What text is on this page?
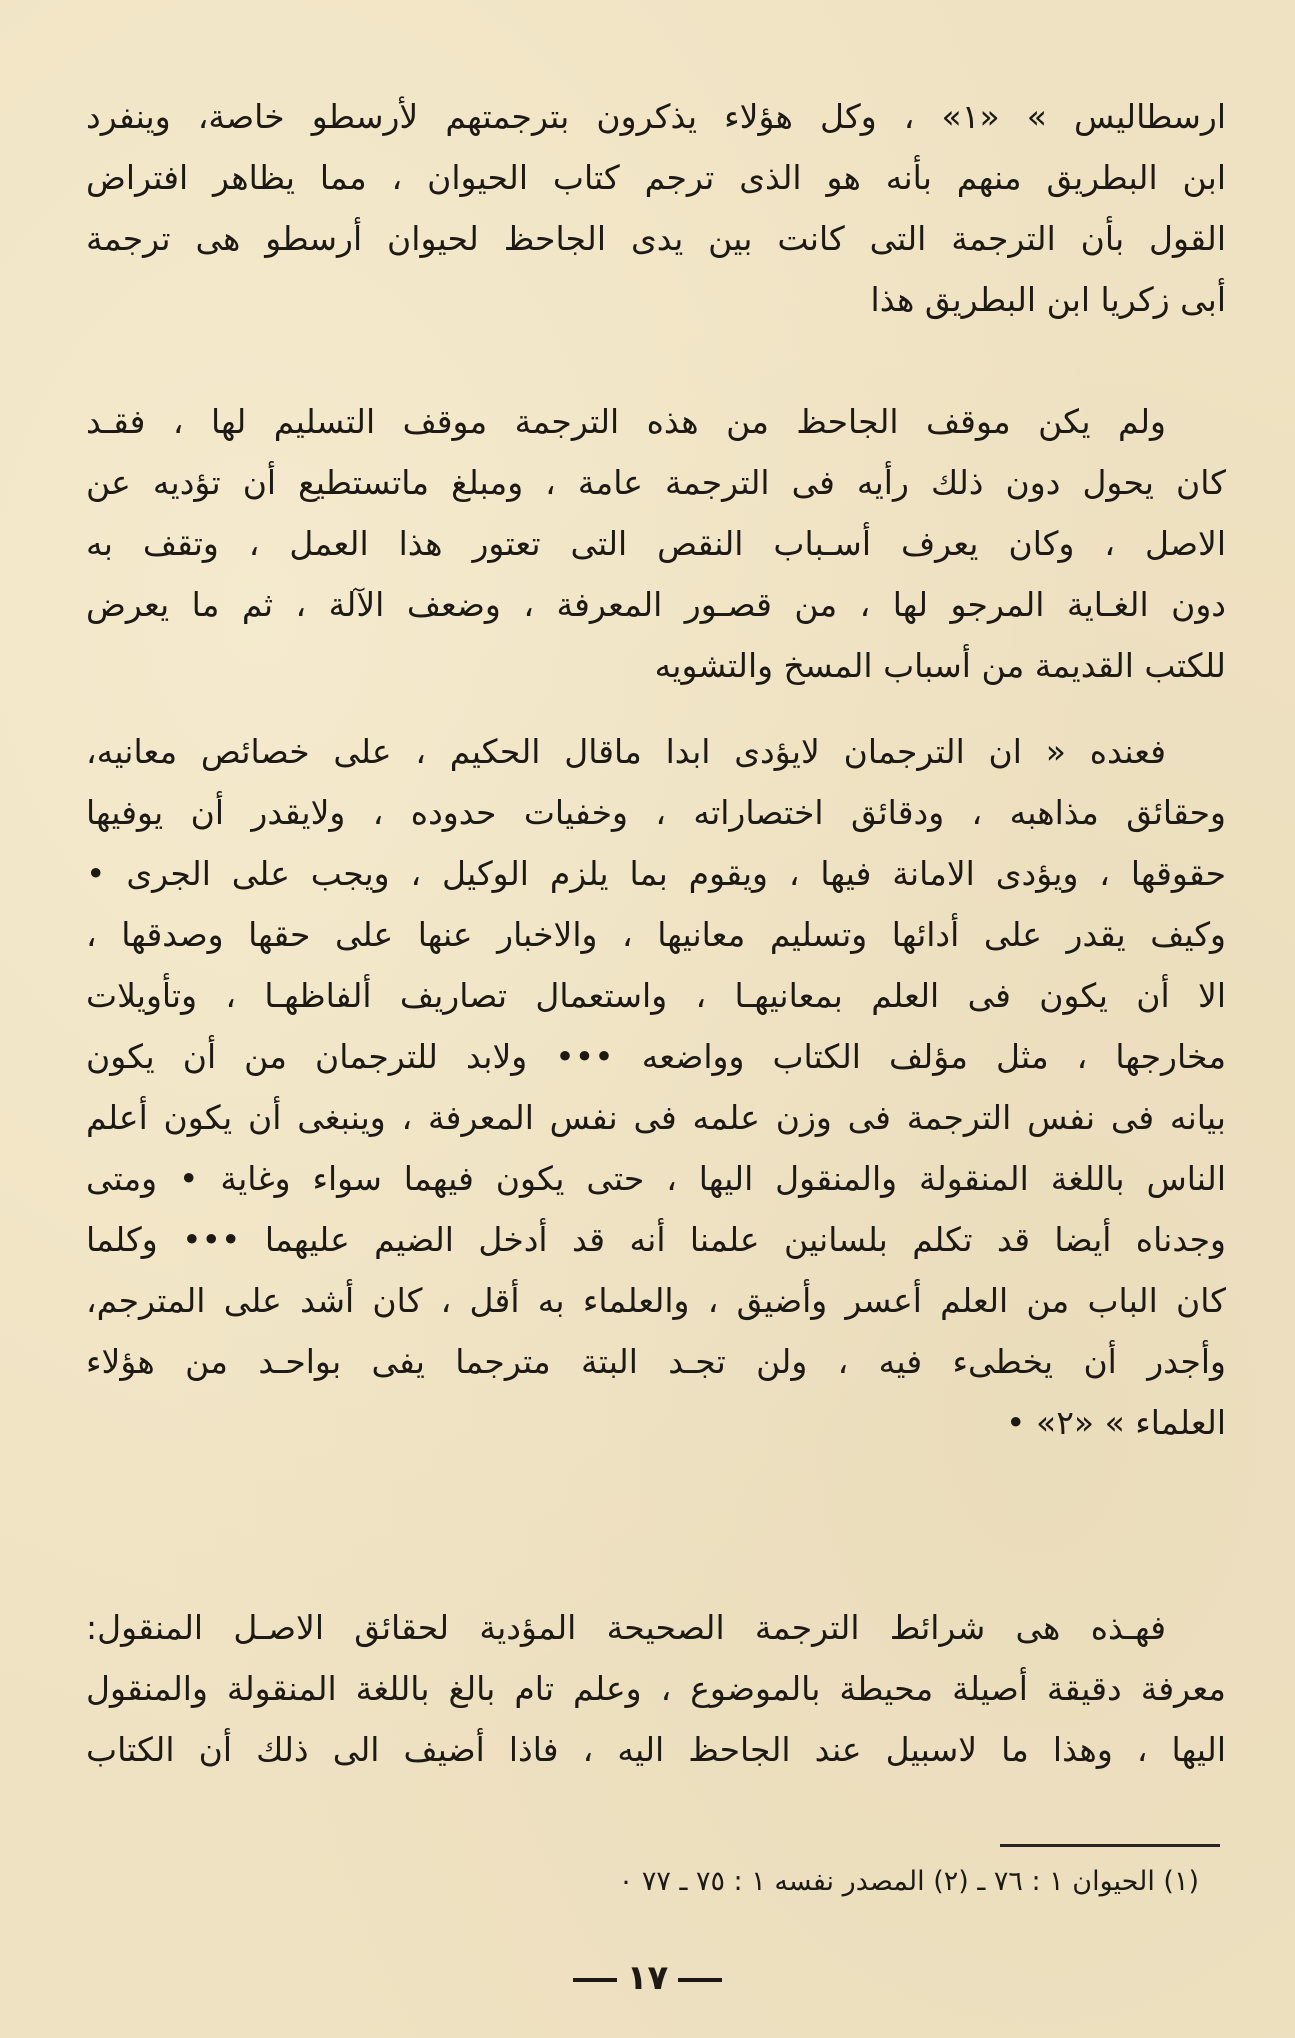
ارسطاليس » «١» ، وكل هؤلاء يذكرون بترجمتهم لأرسطو خاصة، وينفرد
ابن البطريق منهم بأنه هو الذى ترجم كتاب الحيوان ، مما يظاهر افتراض
القول بأن الترجمة التى كانت بين يدى الجاحظ لحيوان أرسطو هى ترجمة
أبى زكريا ابن البطريق هذا
ولم يكن موقف الجاحظ من هذه الترجمة موقف التسليم لها ، فقـد
كان يحول دون ذلك رأيه فى الترجمة عامة ، ومبلغ ماتستطيع أن تؤديه عن
الاصل ، وكان يعرف أسـباب النقص التى تعتور هذا العمل ، وتقف به
دون الغـاية المرجو لها ، من قصـور المعرفة ، وضعف الآلة ، ثم ما يعرض
للكتب القديمة من أسباب المسخ والتشويه
فعنده « ان الترجمان لايؤدى ابدا ماقال الحكيم ، على خصائص معانيه،
وحقائق مذاهبه ، ودقائق اختصاراته ، وخفيات حدوده ، ولايقدر أن يوفيها
حقوقها ، ويؤدى الامانة فيها ، ويقوم بما يلزم الوكيل ، ويجب على الجرى •
وكيف يقدر على أدائها وتسليم معانيها ، والاخبار عنها على حقها وصدقها ،
الا أن يكون فى العلم بمعانيهـا ، واستعمال تصاريف ألفاظهـا ، وتأويلات
مخارجها ، مثل مؤلف الكتاب وواضعه ••• ولابد للترجمان من أن يكون
بيانه فى نفس الترجمة فى وزن علمه فى نفس المعرفة ، وينبغى أن يكون أعلم
الناس باللغة المنقولة والمنقول اليها ، حتى يكون فيهما سواء وغاية • ومتى
وجدناه أيضا قد تكلم بلسانين علمنا أنه قد أدخل الضيم عليهما ••• وكلما
كان الباب من العلم أعسر وأضيق ، والعلماء به أقل ، كان أشد على المترجم،
وأجدر أن يخطىء فيه ، ولن تجـد البتة مترجما يفى بواحـد من هؤلاء
العلماء » «٢» •
فهـذه هى شرائط الترجمة الصحيحة المؤدية لحقائق الاصـل المنقول:
معرفة دقيقة أصيلة محيطة بالموضوع ، وعلم تام بالغ باللغة المنقولة والمنقول
اليها ، وهذا ما لاسبيل عند الجاحظ اليه ، فاذا أضيف الى ذلك أن الكتاب
(١) الحيوان ١ : ٧٦ ـ (٢) المصدر نفسه ١ : ٧٥ ـ ٧٧ ٠
١٧
